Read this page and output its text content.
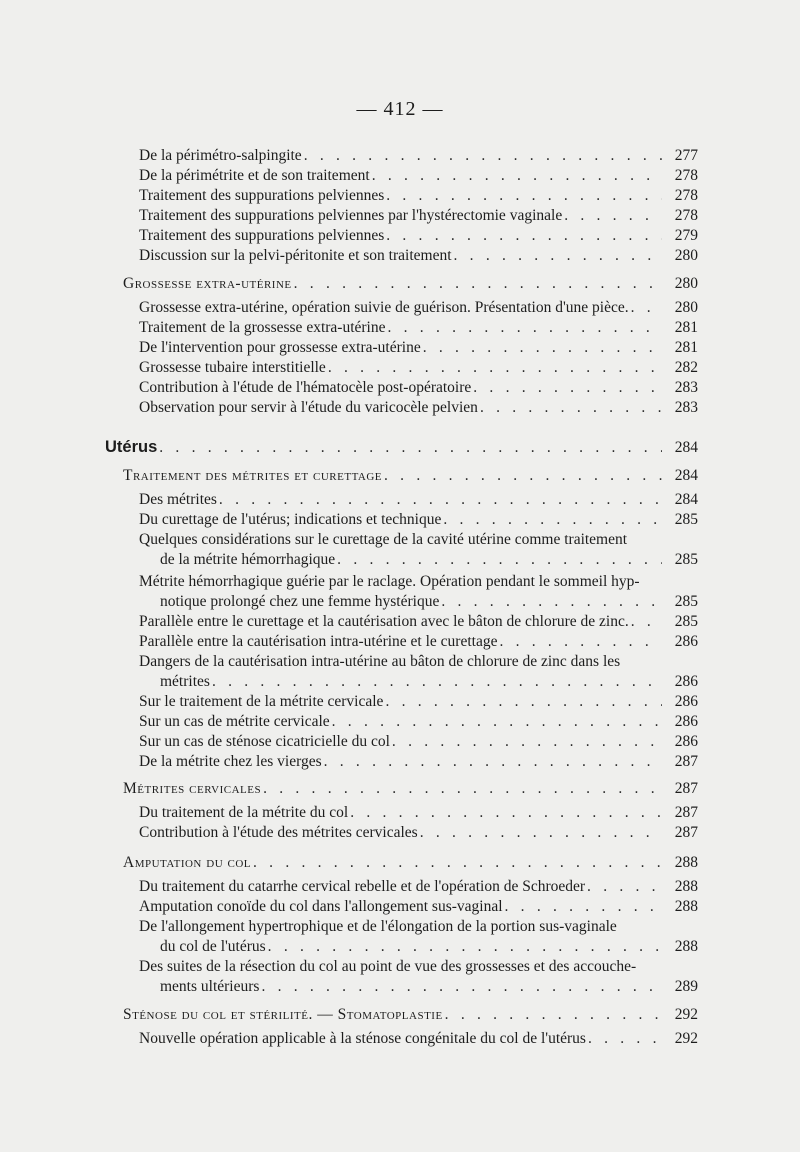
— 412 —
De la périmétro-salpingite . . .	277
De la périmétrite et de son traitement . . .	278
Traitement des suppurations pelviennes . . .	278
Traitement des suppurations pelviennes par l'hystérectomie vaginale . . .	278
Traitement des suppurations pelviennes . . .	279
Discussion sur la pelvi-péritonite et son traitement . . .	280
Grossesse extra-utérine . . .	280
Grossesse extra-utérine, opération suivie de guérison. Présentation d'une pièce. . . .	280
Traitement de la grossesse extra-utérine . . .	281
De l'intervention pour grossesse extra-utérine . . .	281
Grossesse tubaire interstitielle . . .	282
Contribution à l'étude de l'hématocèle post-opératoire . . .	283
Observation pour servir à l'étude du varicocèle pelvien . . .	283
Utérus . . .	284
Traitement des métrites et curettage . . .	284
Des métrites . . .	284
Du curettage de l'utérus; indications et technique . . .	285
Quelques considérations sur le curettage de la cavité utérine comme traitement
de la métrite hémorrhagique . . .	285
Métrite hémorrhagique guérie par le raclage. Opération pendant le sommeil hyp-
notique prolongé chez une femme hystérique . . .	285
Parallèle entre le curettage et la cautérisation avec le bâton de chlorure de zinc. . . .	285
Parallèle entre la cautérisation intra-utérine et le curettage . . .	286
Dangers de la cautérisation intra-utérine au bâton de chlorure de zinc dans les
métrites . . .	286
Sur le traitement de la métrite cervicale . . .	286
Sur un cas de métrite cervicale . . .	286
Sur un cas de sténose cicatricielle du col . . .	286
De la métrite chez les vierges . . .	287
Métrites cervicales . . .	287
Du traitement de la métrite du col . . .	287
Contribution à l'étude des métrites cervicales . . .	287
Amputation du col . . .	288
Du traitement du catarrhe cervical rebelle et de l'opération de Schroeder . . .	288
Amputation conoïde du col dans l'allongement sus-vaginal . . .	288
De l'allongement hypertrophique et de l'élongation de la portion sus-vaginale
du col de l'utérus . . .	288
Des suites de la résection du col au point de vue des grossesses et des accouche-
ments ultérieurs . . .	289
Sténose du col et stérilité. — Stomatoplastie . . .	292
Nouvelle opération applicable à la sténose congénitale du col de l'utérus . . .	292
